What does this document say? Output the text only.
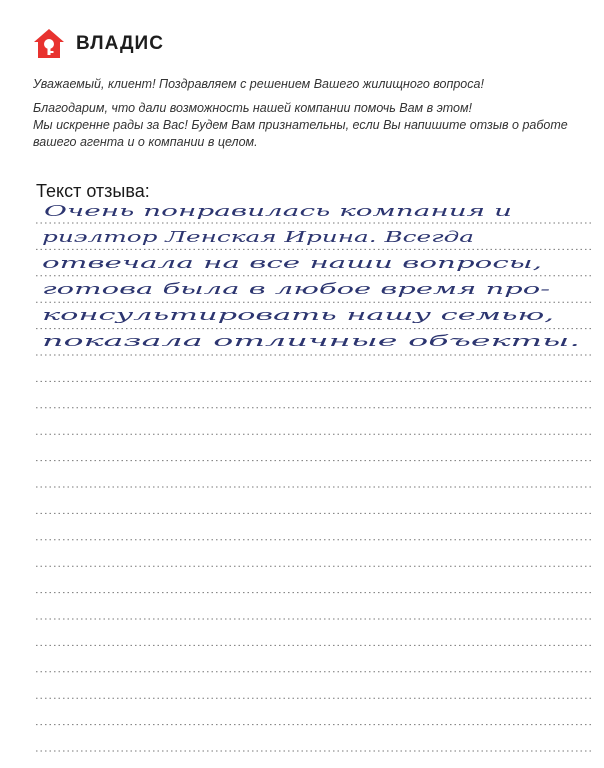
ВЛАДИС

Уважаемый, клиент! Поздравляем с решением Вашего жилищного вопроса!

Благодарим, что дали возможность нашей компании помочь Вам в этом!

Мы искренне рады за Вас! Будем Вам признательны, если Вы напишите отзыв о работе

вашего агента и о компании в целом.

Текст отзыва:
Очень понравилась компания и
риэлтор Ленская Ирина. Всегда
отвечала на все наши вопросы,
готова была в любое время про-
консультировать нашу семью,
показала отличные объекты.
